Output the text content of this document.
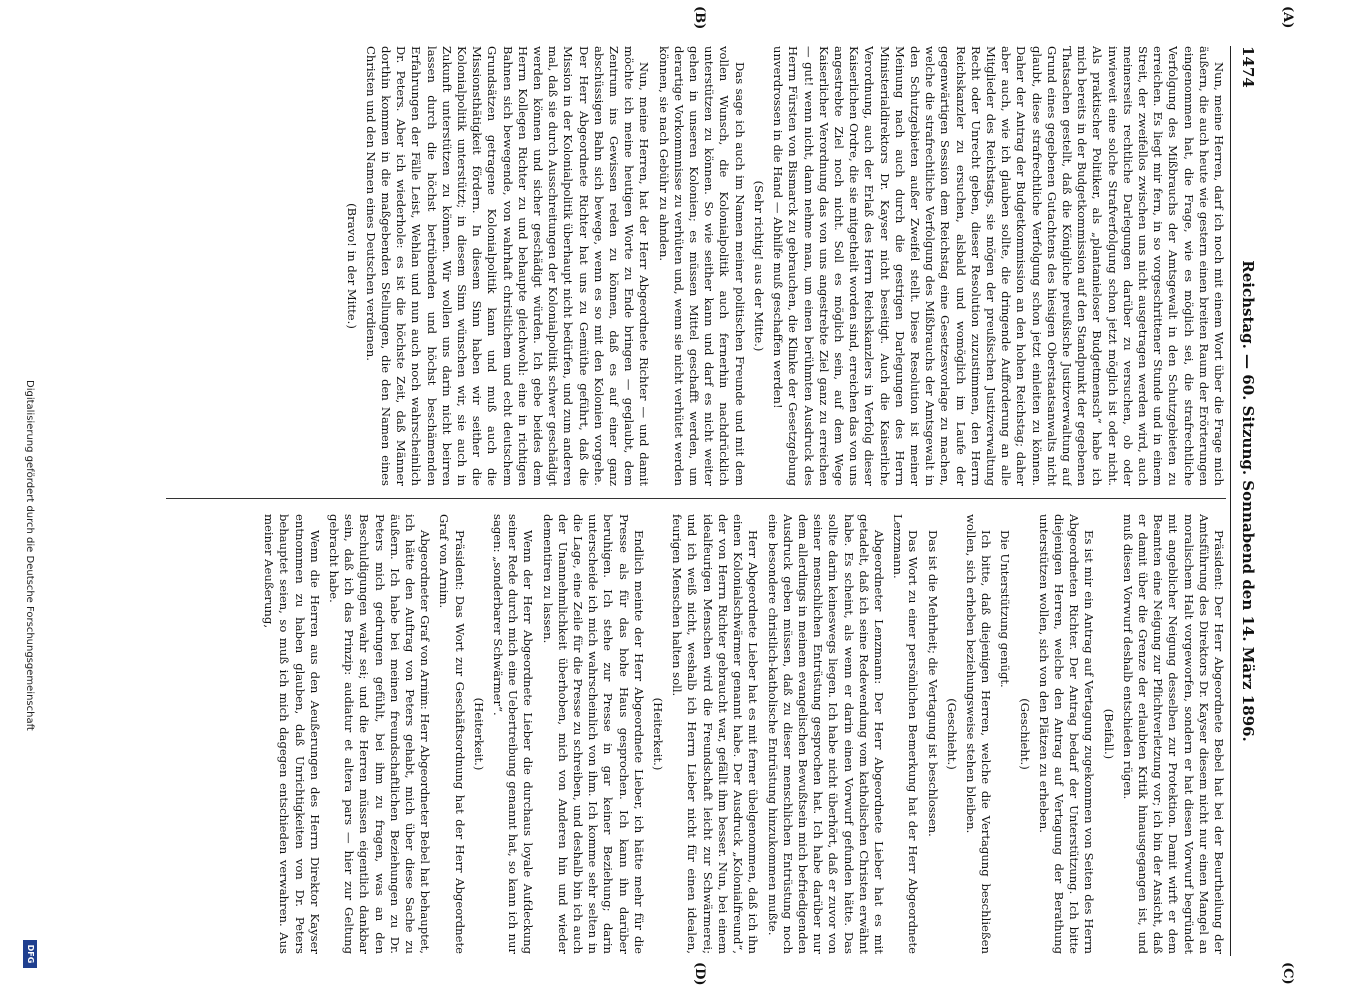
1474
Reichstag. — 60. Sitzung. Sonnabend den 14. März 1896.
(A)
(B)
(C)
(D)

Nun, meine Herren, darf ich noch mit einem Wort über die Frage mich äußern, die auch heute wie gestern einen breiten Raum der Erörterungen eingenommen hat, die Frage, wie es möglich sei, die strafrechtliche Verfolgung des Mißbrauchs der Amtsgewalt in den Schutzgebieten zu erreichen. Es liegt mir fern, in so vorgeschrittener Stunde und in einem Streit, der zweifellos zwischen uns nicht ausgetragen werden wird, auch meinerseits rechtliche Darlegungen darüber zu versuchen, ob oder inwieweit eine solche Strafverfolgung schon jetzt möglich ist oder nicht. Als praktischer Politiker, als „plantanieloser Budgetmensch“ habe ich mich bereits in der Budgetkommission auf den Standpunkt der gegebenen Thatsachen gestellt, daß die Königliche preußische Justizverwaltung auf Grund eines gegebenen Gutachtens des hiesigen Oberstaatsanwalts nicht glaubt, diese strafrechtliche Verfolgung schon jetzt einleiten zu können. Daher der Antrag der Budgetkommission an den hohen Reichstag; daher aber auch, wie ich glauben sollte, die dringende Aufforderung an alle Mitglieder des Reichstags, sie mögen der preußischen Justizverwaltung Recht oder Unrecht geben, dieser Resolution zuzustimmen, den Herrn Reichskanzler zu ersuchen, alsbald und womöglich im Laufe der gegenwärtigen Session dem Reichstag eine Gesetzesvorlage zu machen, welche die strafrechtliche Verfolgung des Mißbrauchs der Amtsgewalt in den Schutzgebieten außer Zweifel stellt. Diese Resolution ist meiner Meinung nach auch durch die gestrigen Darlegungen des Herrn Ministerialdirektors Dr. Kayser nicht beseitigt. Auch die Kaiserliche Verordnung, auch der Erlaß des Herrn Reichskanzlers in Verfolg dieser Kaiserlichen Ordre, die sie mitgetheilt worden sind, erreichen das von uns angestrebte Ziel noch nicht. Soll es möglich sein, auf dem Wege Kaiserlicher Verordnung das von uns angestrebte Ziel ganz zu erreichen — gut! wenn nicht, dann nehme man, um einen berühmten Ausdruck des Herrn Fürsten von Bismarck zu gebrauchen, die Klinke der Gesetzgebung unverdrossen in die Hand — Abhilfe muß geschaffen werden!

(Sehr richtig! aus der Mitte.)

Das sage ich auch im Namen meiner politischen Freunde und mit dem vollen Wunsch, die Kolonialpolitik auch fernerhin nachdrücklich unterstützen zu können. So wie seither kann und darf es nicht weiter gehen in unseren Kolonien; es müssen Mittel geschafft werden, um derartige Vorkommnisse zu verhüten und, wenn sie nicht verhütet werden können, sie nach Gebühr zu ahnden.

Nun, meine Herren, hat der Herr Abgeordnete Richter — und damit möchte ich meine heutigen Worte zu Ende bringen — geglaubt, dem Zentrum ins Gewissen reden zu können, daß es auf einer ganz abschüssigen Bahn sich bewege, wenn es so mit den Kolonien vorgehe. Der Herr Abgeordnete Richter hat uns zu Gemüthe geführt, daß die Mission in der Kolonialpolitik überhaupt nicht bedürfen, und zum anderen mal, daß sie durch Ausschreitungen der Kolonialpolitik schwer geschädigt werden können und sicher geschädigt würden. Ich gebe beides dem Herrn Kollegen Richter zu und behaupte gleichwohl: eine in richtigen Bahnen sich bewegende, von wahrhaft christlichem und echt deutschem Grundsätzen getragene Kolonialpolitik kann und muß auch die Missionsthätigkeit fördern. In diesem Sinn haben wir seither die Kolonialpolitik unterstützt; in diesem Sinn wünschen wir, sie auch in Zukunft unterstützen zu können. Wir wollen uns darin nicht beirren lassen durch die höchst betrübenden und höchst beschämenden Erfahrungen der Fälle Leist, Wehlan und nun auch noch wahrscheinlich Dr. Peters. Aber ich wiederhole: es ist die höchste Zeit, daß Männer dorthin kommen in die maßgebenden Stellungen, die den Namen eines Christen und den Namen eines Deutschen verdienen.

(Bravo! in der Mitte.)

Präsident: Der Herr Abgeordnete Bebel hat bei der Beurtheilung der Amtsführung des Direktors Dr. Kayser diesem nicht nur einen Mangel an moralischem Halt vorgeworfen, sondern er hat diesen Vorwurf begründet mit angeblicher Neigung desselben zur Protektion. Damit wirft er dem Beamten eine Neigung zur Pflichtverletzung vor; ich bin der Ansicht, daß er damit über die Grenze der erlaubten Kritik hinausgegangen ist, und muß diesen Vorwurf deshalb entschieden rügen.

(Beifall.)

Es ist mir ein Antrag auf Vertagung zugekommen von Seiten des Herrn Abgeordneten Richter. Der Antrag bedarf der Unterstützung. Ich bitte diejenigen Herren, welche den Antrag auf Vertagung der Berathung unterstützen wollen, sich von den Plätzen zu erheben.

(Geschieht.)

Die Unterstützung genügt.

Ich bitte, daß diejenigen Herren, welche die Vertagung beschließen wollen, sich erheben beziehungsweise stehen bleiben.

(Geschieht.)

Das ist die Mehrheit; die Vertagung ist beschlossen.

Das Wort zu einer persönlichen Bemerkung hat der Herr Abgeordnete Lenzmann.

Abgeordneter Lenzmann: Der Herr Abgeordnete Lieber hat es mit getadelt, daß ich seine Redewendung vom katholischen Christen erwähnt habe. Es scheint, als wenn er darin einen Vorwurf gefunden hätte. Das sollte darin keineswegs liegen. Ich habe nicht überhört, daß er zuvor von seiner menschlichen Entrüstung gesprochen hat. Ich habe darüber nur dem allerdings in meinem evangelischen Bewußtsein mich befriedigenden Ausdruck geben müssen, daß zu dieser menschlichen Entrüstung noch eine besondere christlich-katholische Entrüstung hinzukommen mußte.

Herr Abgeordnete Lieber hat es mit ferner übelgenommen, daß ich ihn einen Kolonialschwärmer genannt habe. Der Ausdruck „Kolonialfreund“, der von Herrn Richter gebraucht war, gefällt ihm besser. Nun, bei einem idealfeurigen Menschen wird die Freundschaft leicht zur Schwärmerei; und ich weiß nicht, weshalb ich Herrn Lieber nicht für einen idealen, feurigen Menschen halten soll.

(Heiterkeit.)

Endlich meinte der Herr Abgeordnete Lieber, ich hätte mehr für die Presse als für das hohe Haus gesprochen. Ich kann ihn darüber beruhigen. Ich stehe zur Presse in gar keiner Beziehung; darin unterscheide ich mich wahrscheinlich von ihm. Ich komme sehr selten in die Lage, eine Zeile für die Presse zu schreiben, und deshalb bin ich auch der Unannehmlichkeit überhoben, mich von Anderen hin und wieder dementiren zu lassen.

Wenn der Herr Abgeordnete Lieber die durchaus loyale Aufdeckung seiner Rede durch mich eine Uebertreibung genannt hat, so kann ich nur sagen: „sonderbarer Schwärmer“.

(Heiterkeit.)

Präsident: Das Wort zur Geschäftsordnung hat der Herr Abgeordnete Graf von Arnim.

Abgeordneter Graf von Arnim: Herr Abgeordneter Bebel hat behauptet, ich hätte den Auftrag von Peters gehabt, mich über diese Sache zu äußern. Ich habe bei meinen freundschaftlichen Beziehungen zu Dr. Peters mich gedrungen gefühlt, bei ihm zu fragen, was an den Beschuldigungen wahr sei; und die Herren müssen eigentlich dankbar sein, daß ich das Prinzip: audiatur et altera pars — hier zur Geltung gebracht habe.

Wenn die Herren aus den Aeußerungen des Herrn Direktor Kayser entnommen zu haben glauben, daß Unrichtigkeiten von Dr. Peters behauptet seien, so muß ich mich dagegen entschieden verwahren. Aus meiner Aeußerung,

Digitalisierung gefördert durch die Deutsche Forschungsgemeinschaft
DFG
